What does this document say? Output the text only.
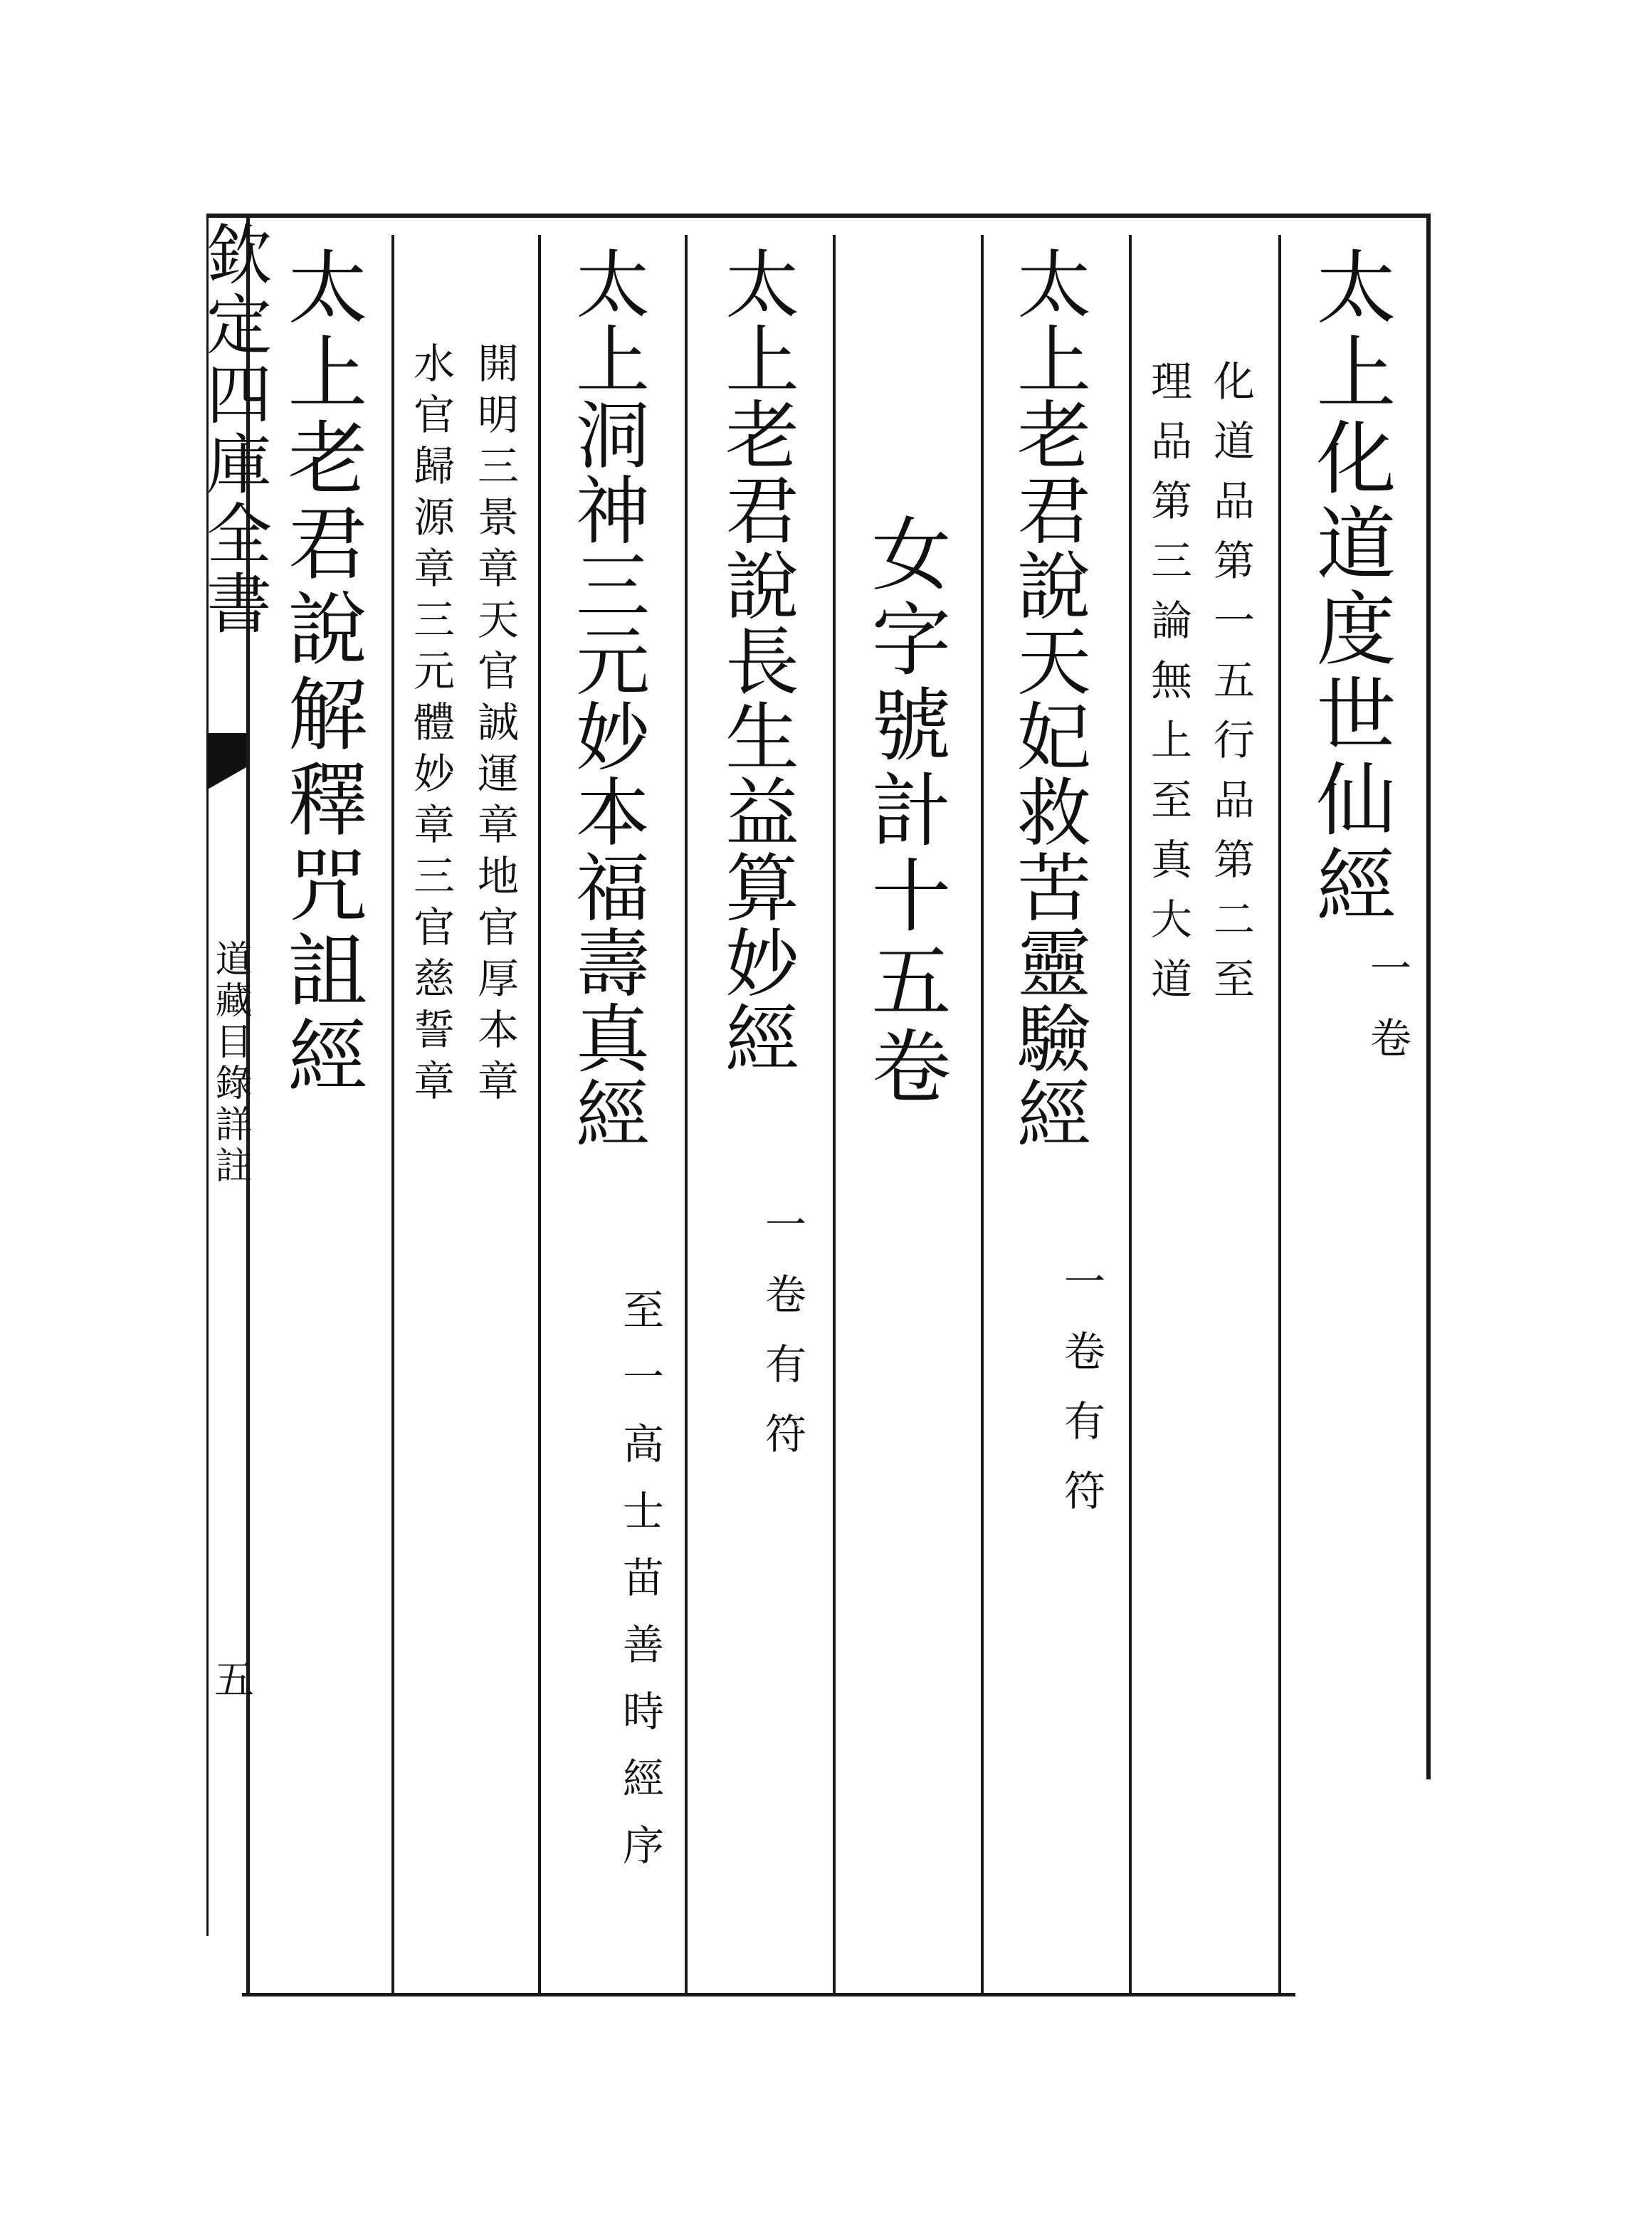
欽定四庫全書
道藏目錄詳註
五
太上化道度世仙經
一卷
化道品第一五行品第二至
理品第三論無上至真大道
太上老君說天妃救苦靈驗經
一卷有符
女字號計十五卷
太上老君說長生益算妙經
一卷有符
太上洞神三元妙本福壽真經
至一高士苗善時經序
開明三景章天官誠運章地官厚本章
水官歸源章三元體妙章三官慈誓章
太上老君說解釋咒詛經
